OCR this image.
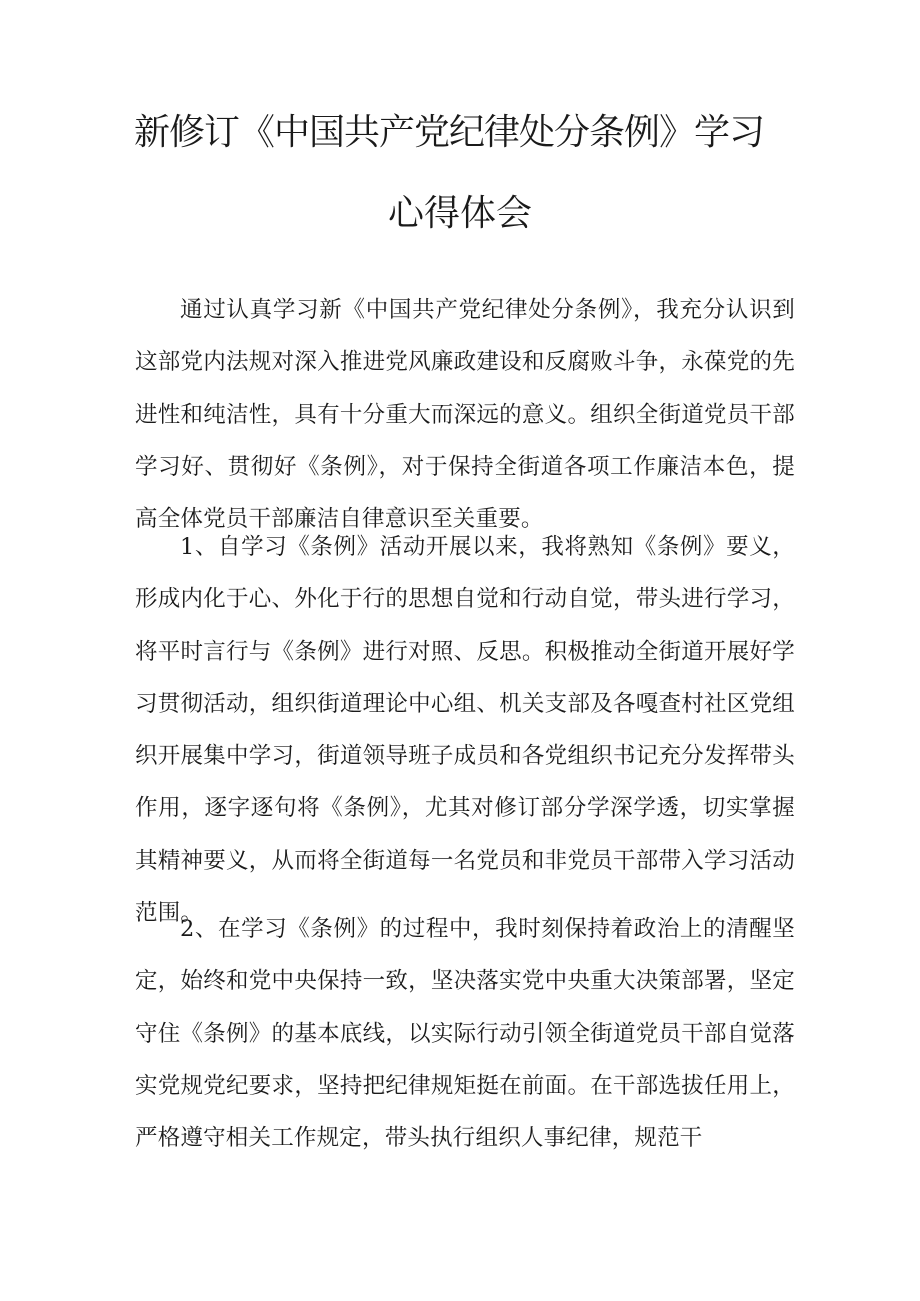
新修订《中国共产党纪律处分条例》学习
心得体会

通过认真学习新《中国共产党纪律处分条例》，我充分认识到这部党内法规对深入推进党风廉政建设和反腐败斗争，永葆党的先进性和纯洁性，具有十分重大而深远的意义。组织全街道党员干部学习好、贯彻好《条例》，对于保持全街道各项工作廉洁本色，提高全体党员干部廉洁自律意识至关重要。

1、自学习《条例》活动开展以来，我将熟知《条例》要义，形成内化于心、外化于行的思想自觉和行动自觉，带头进行学习，将平时言行与《条例》进行对照、反思。积极推动全街道开展好学习贯彻活动，组织街道理论中心组、机关支部及各嘎查村社区党组织开展集中学习，街道领导班子成员和各党组织书记充分发挥带头作用，逐字逐句将《条例》，尤其对修订部分学深学透，切实掌握其精神要义，从而将全街道每一名党员和非党员干部带入学习活动范围。

2、在学习《条例》的过程中，我时刻保持着政治上的清醒坚定，始终和党中央保持一致，坚决落实党中央重大决策部署，坚定守住《条例》的基本底线，以实际行动引领全街道党员干部自觉落实党规党纪要求，坚持把纪律规矩挺在前面。在干部选拔任用上，严格遵守相关工作规定，带头执行组织人事纪律，规范干
